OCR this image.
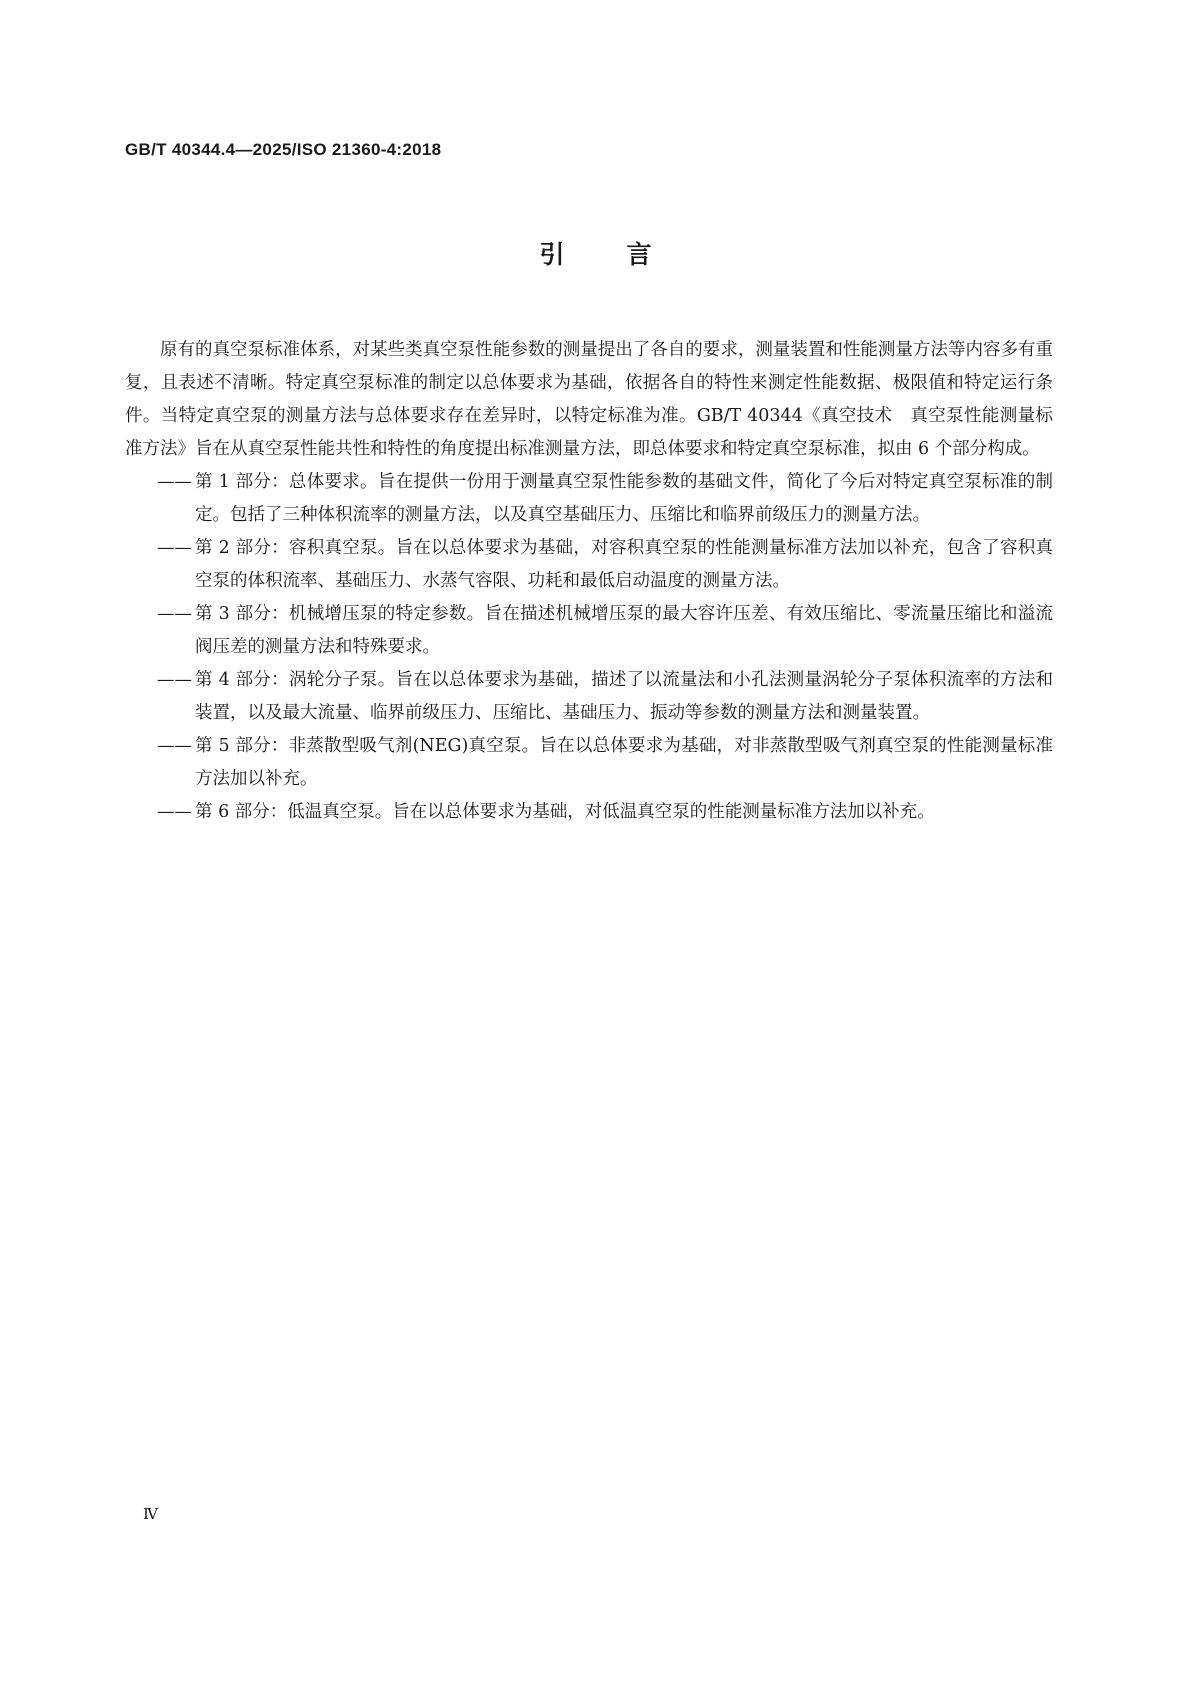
GB/T 40344.4—2025/ISO 21360-4:2018
引言

原有的真空泵标准体系，对某些类真空泵性能参数的测量提出了各自的要求，测量装置和性能测量方法等内容多有重复，且表述不清晰。特定真空泵标准的制定以总体要求为基础，依据各自的特性来测定性能数据、极限值和特定运行条件。当特定真空泵的测量方法与总体要求存在差异时，以特定标准为准。GB/T 40344《真空技术　真空泵性能测量标准方法》旨在从真空泵性能共性和特性的角度提出标准测量方法，即总体要求和特定真空泵标准，拟由 6 个部分构成。

—— 第 1 部分：总体要求。旨在提供一份用于测量真空泵性能参数的基础文件，简化了今后对特定真空泵标准的制定。包括了三种体积流率的测量方法，以及真空基础压力、压缩比和临界前级压力的测量方法。
—— 第 2 部分：容积真空泵。旨在以总体要求为基础，对容积真空泵的性能测量标准方法加以补充，包含了容积真空泵的体积流率、基础压力、水蒸气容限、功耗和最低启动温度的测量方法。
—— 第 3 部分：机械增压泵的特定参数。旨在描述机械增压泵的最大容许压差、有效压缩比、零流量压缩比和溢流阀压差的测量方法和特殊要求。
—— 第 4 部分：涡轮分子泵。旨在以总体要求为基础，描述了以流量法和小孔法测量涡轮分子泵体积流率的方法和装置，以及最大流量、临界前级压力、压缩比、基础压力、振动等参数的测量方法和测量装置。
—— 第 5 部分：非蒸散型吸气剂(NEG)真空泵。旨在以总体要求为基础，对非蒸散型吸气剂真空泵的性能测量标准方法加以补充。
—— 第 6 部分：低温真空泵。旨在以总体要求为基础，对低温真空泵的性能测量标准方法加以补充。
Ⅳ
